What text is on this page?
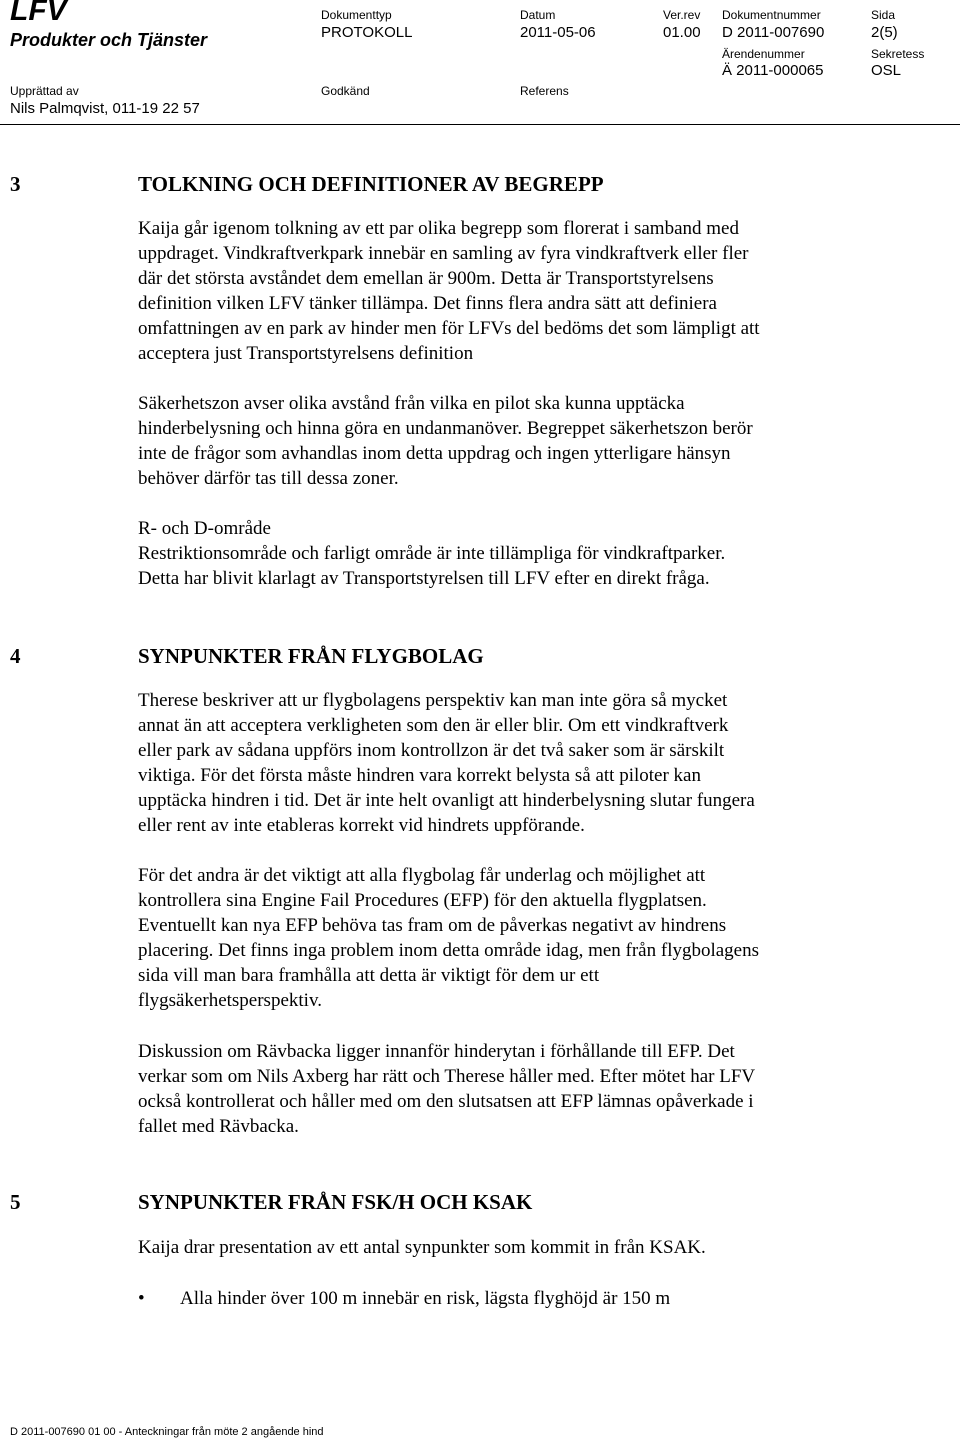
LFV
Produkter och Tjänster
Dokumenttyp
PROTOKOLL
Datum
2011-05-06
Ver.rev
01.00
Dokumentnummer
D 2011-007690
Sida
2(5)
Ärendenummer
Ä 2011-000065
Sekretess
OSL
Upprättad av
Nils Palmqvist, 011-19 22 57
Godkänd	Referens
3	TOLKNING OCH DEFINITIONER AV BEGREPP
Kaija går igenom tolkning av ett par olika begrepp som florerat i samband med
uppdraget. Vindkraftverkpark innebär en samling av fyra vindkraftverk eller fler
där det största avståndet dem emellan är 900m. Detta är Transportstyrelsens
definition vilken LFV tänker tillämpa. Det finns flera andra sätt att definiera
omfattningen av en park av hinder men för LFVs del bedöms det som lämpligt att
acceptera just Transportstyrelsens definition
Säkerhetszon avser olika avstånd från vilka en pilot ska kunna upptäcka
hinderbelysning och hinna göra en undanmanöver. Begreppet säkerhetszon berör
inte de frågor som avhandlas inom detta uppdrag och ingen ytterligare hänsyn
behöver därför tas till dessa zoner.
R- och D-område
Restriktionsområde och farligt område är inte tillämpliga för vindkraftparker.
Detta har blivit klarlagt av Transportstyrelsen till LFV efter en direkt fråga.
4	SYNPUNKTER FRÅN FLYGBOLAG
Therese beskriver att ur flygbolagens perspektiv kan man inte göra så mycket
annat än att acceptera verkligheten som den är eller blir. Om ett vindkraftverk
eller park av sådana uppförs inom kontrollzon är det två saker som är särskilt
viktiga. För det första måste hindren vara korrekt belysta så att piloter kan
upptäcka hindren i tid. Det är inte helt ovanligt att hinderbelysning slutar fungera
eller rent av inte etableras korrekt vid hindrets uppförande.
För det andra är det viktigt att alla flygbolag får underlag och möjlighet att
kontrollera sina Engine Fail Procedures (EFP) för den aktuella flygplatsen.
Eventuellt kan nya EFP behöva tas fram om de påverkas negativt av hindrens
placering. Det finns inga problem inom detta område idag, men från flygbolagens
sida vill man bara framhålla att detta är viktigt för dem ur ett
flygsäkerhetsperspektiv.
Diskussion om Rävbacka ligger innanför hinderytan i förhållande till EFP. Det
verkar som om Nils Axberg har rätt och Therese håller med. Efter mötet har LFV
också kontrollerat och håller med om den slutsatsen att EFP lämnas opåverkade i
fallet med Rävbacka.
5	SYNPUNKTER FRÅN FSK/H OCH KSAK
Kaija drar presentation av ett antal synpunkter som kommit in från KSAK.
• Alla hinder över 100 m innebär en risk, lägsta flyghöjd är 150 m
D 2011-007690 01 00 - Anteckningar från möte 2 angående hind
